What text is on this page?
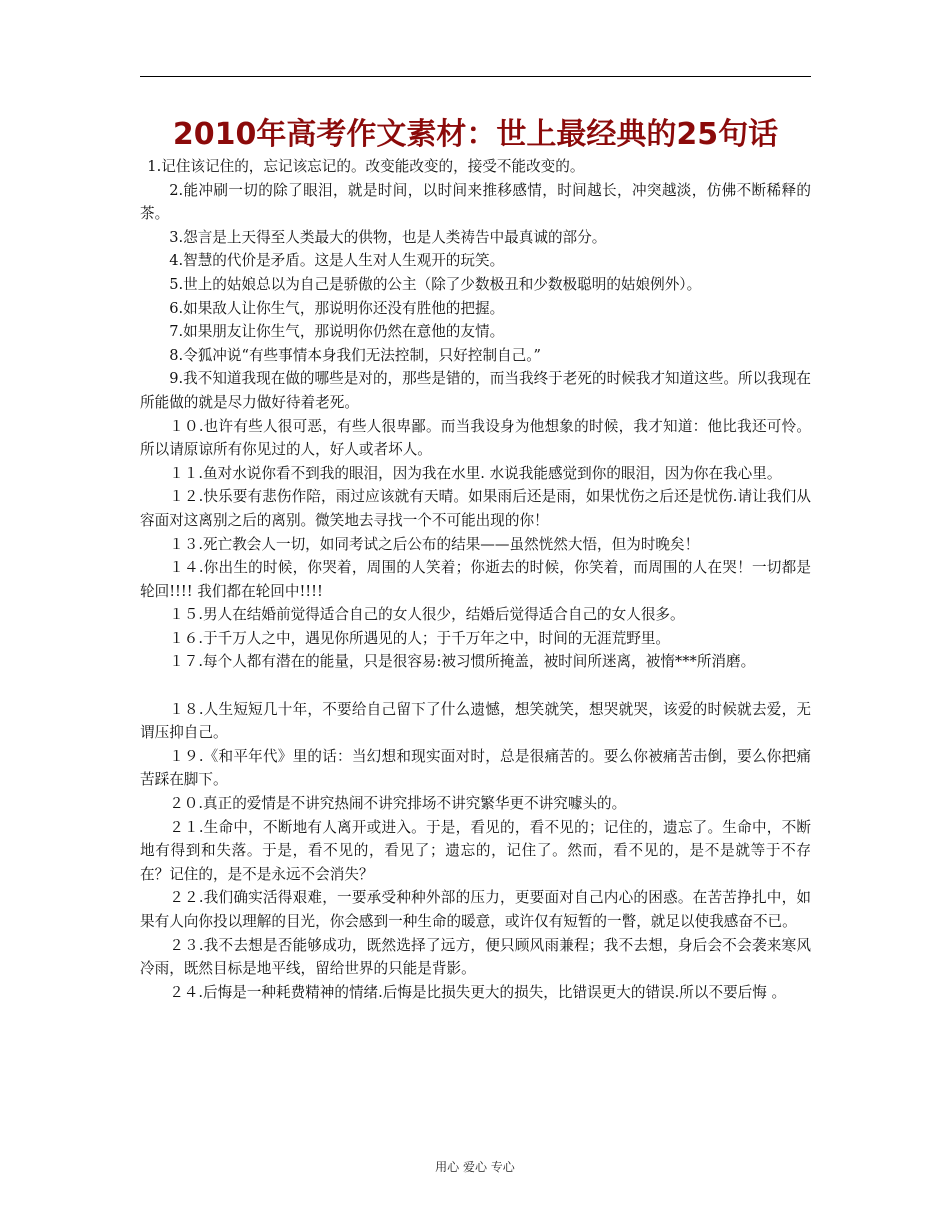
2010年高考作文素材：世上最经典的25句话

1.记住该记住的，忘记该忘记的。改变能改变的，接受不能改变的。

2.能冲刷一切的除了眼泪，就是时间，以时间来推移感情，时间越长，冲突越淡，仿佛不断稀释的茶。

3.怨言是上天得至人类最大的供物，也是人类祷告中最真诚的部分。

4.智慧的代价是矛盾。这是人生对人生观开的玩笑。

5.世上的姑娘总以为自己是骄傲的公主（除了少数极丑和少数极聪明的姑娘例外）。

6.如果敌人让你生气，那说明你还没有胜他的把握。

7.如果朋友让你生气，那说明你仍然在意他的友情。

8.令狐冲说“有些事情本身我们无法控制，只好控制自己。”

9.我不知道我现在做的哪些是对的，那些是错的，而当我终于老死的时候我才知道这些。所以我现在所能做的就是尽力做好待着老死。

１０.也许有些人很可恶，有些人很卑鄙。而当我设身为他想象的时候，我才知道：他比我还可怜。所以请原谅所有你见过的人，好人或者坏人。

１１.鱼对水说你看不到我的眼泪，因为我在水里. 水说我能感觉到你的眼泪，因为你在我心里。

１２.快乐要有悲伤作陪，雨过应该就有天晴。如果雨后还是雨，如果忧伤之后还是忧伤.请让我们从容面对这离别之后的离别。微笑地去寻找一个不可能出现的你！

１３.死亡教会人一切，如同考试之后公布的结果——虽然恍然大悟，但为时晚矣！

１４.你出生的时候，你哭着，周围的人笑着；你逝去的时候，你笑着，而周围的人在哭！一切都是轮回!!!! 我们都在轮回中!!!!

１５.男人在结婚前觉得适合自己的女人很少，结婚后觉得适合自己的女人很多。

１６.于千万人之中，遇见你所遇见的人；于千万年之中，时间的无涯荒野里。

１７.每个人都有潜在的能量，只是很容易:被习惯所掩盖，被时间所迷离，被惰***所消磨。

１８.人生短短几十年，不要给自己留下了什么遗憾，想笑就笑，想哭就哭，该爱的时候就去爱，无谓压抑自己。

１９.《和平年代》里的话：当幻想和现实面对时，总是很痛苦的。要么你被痛苦击倒，要么你把痛苦踩在脚下。

２０.真正的爱情是不讲究热闹不讲究排场不讲究繁华更不讲究噱头的。

２１.生命中，不断地有人离开或进入。于是，看见的，看不见的；记住的，遗忘了。生命中，不断地有得到和失落。于是，看不见的，看见了；遗忘的，记住了。然而，看不见的，是不是就等于不存在？记住的，是不是永远不会消失？

２２.我们确实活得艰难，一要承受种种外部的压力，更要面对自己内心的困惑。在苦苦挣扎中，如果有人向你投以理解的目光，你会感到一种生命的暖意，或许仅有短暂的一瞥，就足以使我感奋不已。

２３.我不去想是否能够成功，既然选择了远方，便只顾风雨兼程；我不去想，身后会不会袭来寒风冷雨，既然目标是地平线，留给世界的只能是背影。

２４.后悔是一种耗费精神的情绪.后悔是比损失更大的损失，比错误更大的错误.所以不要后悔 。

用心 爱心 专心
